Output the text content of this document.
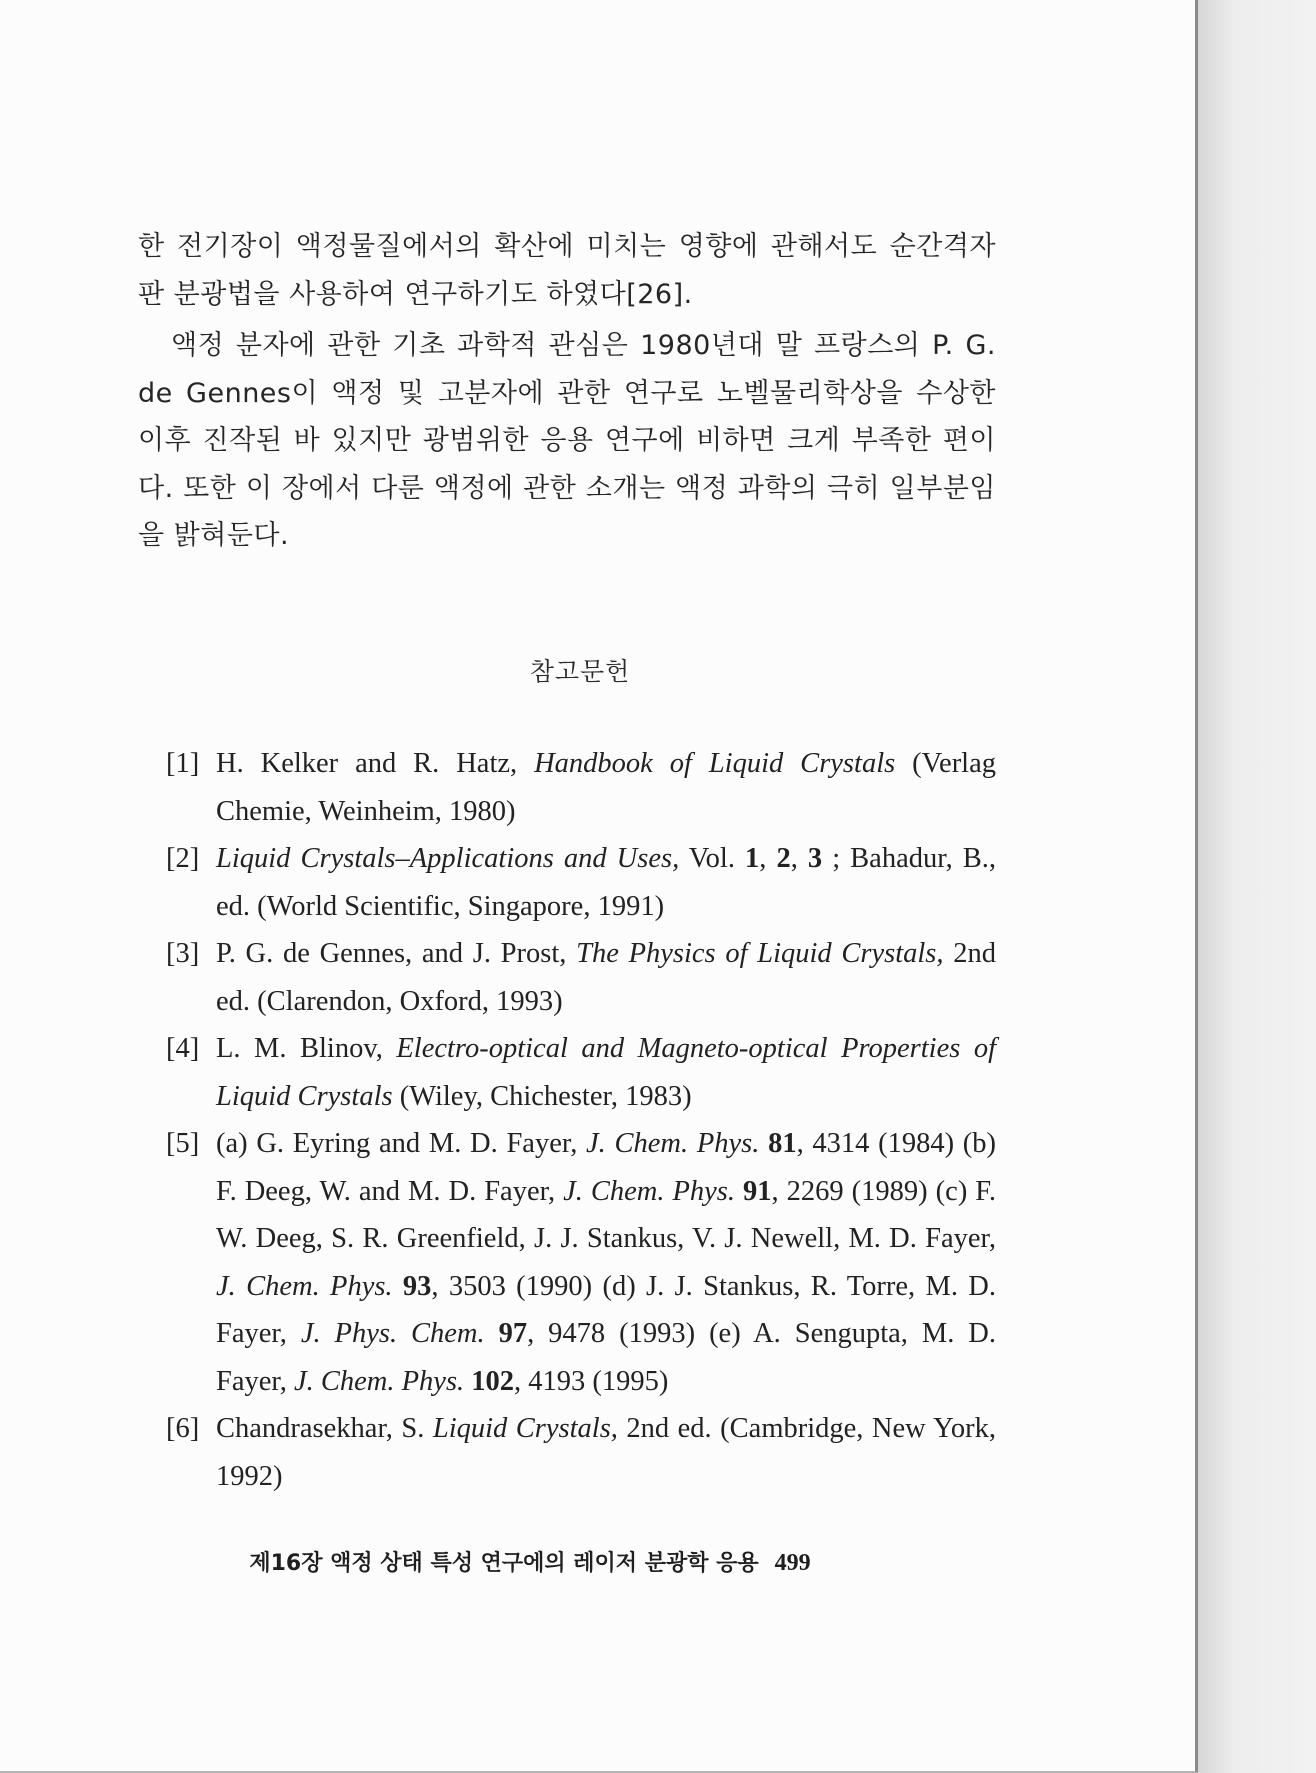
한 전기장이 액정물질에서의 확산에 미치는 영향에 관해서도 순간격자판 분광법을 사용하여 연구하기도 하였다[26].

액정 분자에 관한 기초 과학적 관심은 1980년대 말 프랑스의 P. G. de Gennes이 액정 및 고분자에 관한 연구로 노벨물리학상을 수상한 이후 진작된 바 있지만 광범위한 응용 연구에 비하면 크게 부족한 편이다. 또한 이 장에서 다룬 액정에 관한 소개는 액정 과학의 극히 일부분임을 밝혀둔다.

참고문헌
[1] H. Kelker and R. Hatz, Handbook of Liquid Crystals (Verlag Chemie, Weinheim, 1980)
[2] Liquid Crystals–Applications and Uses, Vol. 1, 2, 3 ; Bahadur, B., ed. (World Scientific, Singapore, 1991)
[3] P. G. de Gennes, and J. Prost, The Physics of Liquid Crystals, 2nd ed. (Clarendon, Oxford, 1993)
[4] L. M. Blinov, Electro-optical and Magneto-optical Properties of Liquid Crystals (Wiley, Chichester, 1983)
[5] (a) G. Eyring and M. D. Fayer, J. Chem. Phys. 81, 4314 (1984) (b) F. Deeg, W. and M. D. Fayer, J. Chem. Phys. 91, 2269 (1989) (c) F. W. Deeg, S. R. Greenfield, J. J. Stankus, V. J. Newell, M. D. Fayer, J. Chem. Phys. 93, 3503 (1990) (d) J. J. Stankus, R. Torre, M. D. Fayer, J. Phys. Chem. 97, 9478 (1993) (e) A. Sengupta, M. D. Fayer, J. Chem. Phys. 102, 4193 (1995)
[6] Chandrasekhar, S. Liquid Crystals, 2nd ed. (Cambridge, New York, 1992)
제16장 액정 상태 특성 연구에의 레이저 분광학 응용 499
